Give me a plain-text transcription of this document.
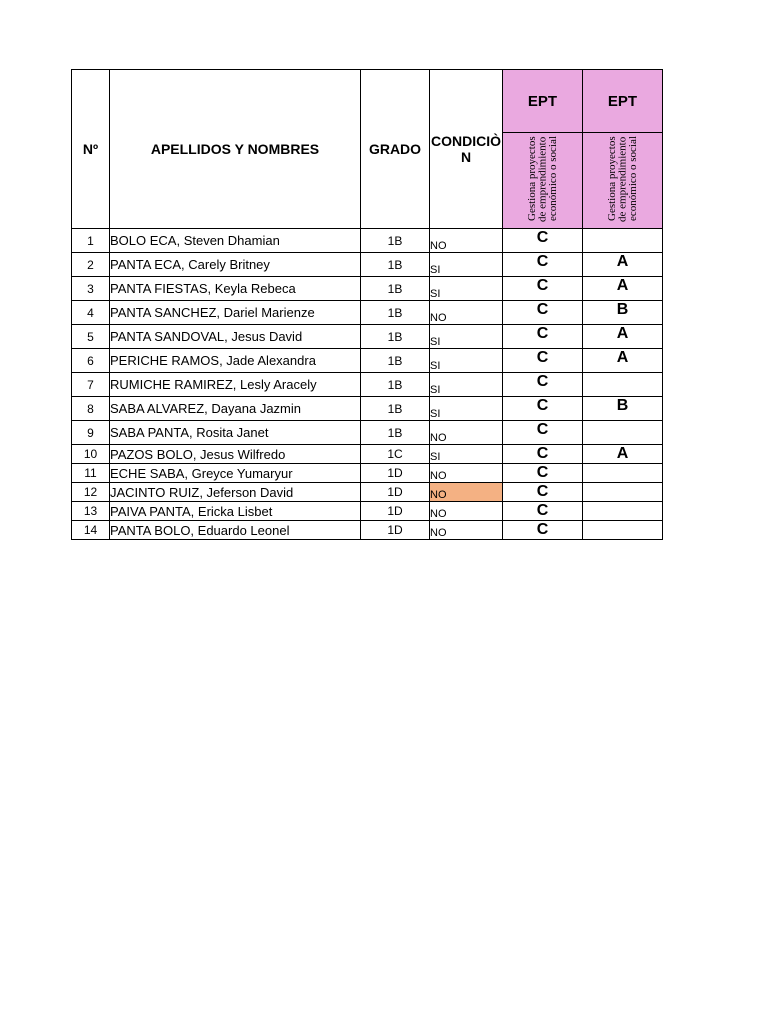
Nº	APELLIDOS Y NOMBRES	GRADO	CONDICIÒ N	EPT	EPT
				Gestiona proyectos de emprendimiento económico o social	Gestiona proyectos de emprendimiento económico o social
1	BOLO ECA, Steven Dhamian	1B	NO	C	
2	PANTA ECA, Carely Britney	1B	SI	C	A
3	PANTA FIESTAS, Keyla Rebeca	1B	SI	C	A
4	PANTA SANCHEZ, Dariel Marienze	1B	NO	C	B
5	PANTA SANDOVAL, Jesus David	1B	SI	C	A
6	PERICHE RAMOS, Jade Alexandra	1B	SI	C	A
7	RUMICHE RAMIREZ, Lesly Aracely	1B	SI	C	
8	SABA ALVAREZ, Dayana Jazmin	1B	SI	C	B
9	SABA PANTA, Rosita Janet	1B	NO	C	
10	PAZOS BOLO, Jesus Wilfredo	1C	SI	C	A
11	ECHE SABA, Greyce Yumaryur	1D	NO	C	
12	JACINTO RUIZ, Jeferson David	1D	NO	C	
13	PAIVA PANTA, Ericka Lisbet	1D	NO	C	
14	PANTA BOLO, Eduardo Leonel	1D	NO	C	
